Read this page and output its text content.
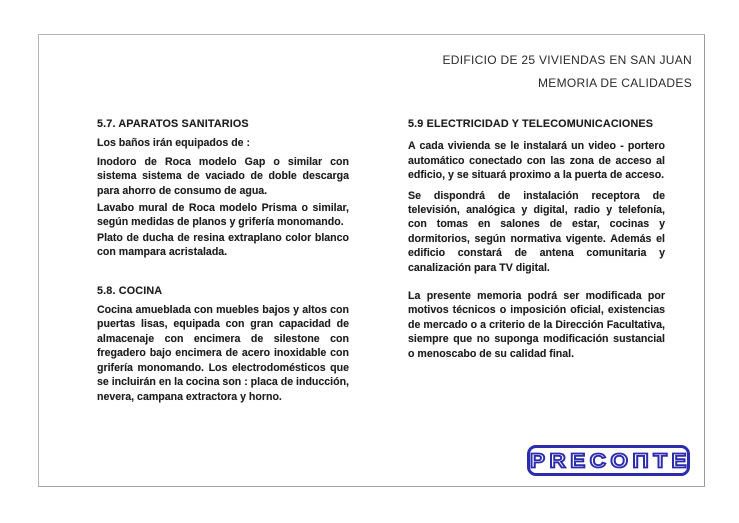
EDIFICIO DE 25 VIVIENDAS EN SAN JUAN
MEMORIA DE CALIDADES
5.7. APARATOS SANITARIOS

Los baños irán equipados de :

Inodoro de Roca modelo Gap o similar con sistema sistema de vaciado de doble descarga para ahorro de consumo de agua.

Lavabo mural de Roca modelo Prisma o similar, según medidas de planos y grifería monomando.

Plato de ducha de resina extraplano color blanco con mampara acristalada.

5.8. COCINA

Cocina amueblada con muebles bajos y altos con puertas lisas, equipada con gran capacidad de almacenaje con encimera de silestone con fregadero bajo encimera de acero inoxidable con grifería monomando. Los electrodomésticos que se incluirán en la cocina son : placa de inducción, nevera, campana extractora y horno.

5.9 ELECTRICIDAD Y TELECOMUNICACIONES

A cada vivienda se le instalará un video - portero automático conectado con las zona de acceso al edficio, y se situará proximo a la puerta de acceso.

Se dispondrá de instalación receptora de televisión, analógica y digital, radio y telefonía, con tomas en salones de estar, cocinas y dormitorios, según normativa vigente. Además el edificio constará de antena comunitaria y canalización para TV digital.

La presente memoria podrá ser modificada por motivos técnicos o imposición oficial, existencias de mercado o a criterio de la Dirección Facultativa, siempre que no suponga modificación sustancial o menoscabo de su calidad final.

PRECOПTE
